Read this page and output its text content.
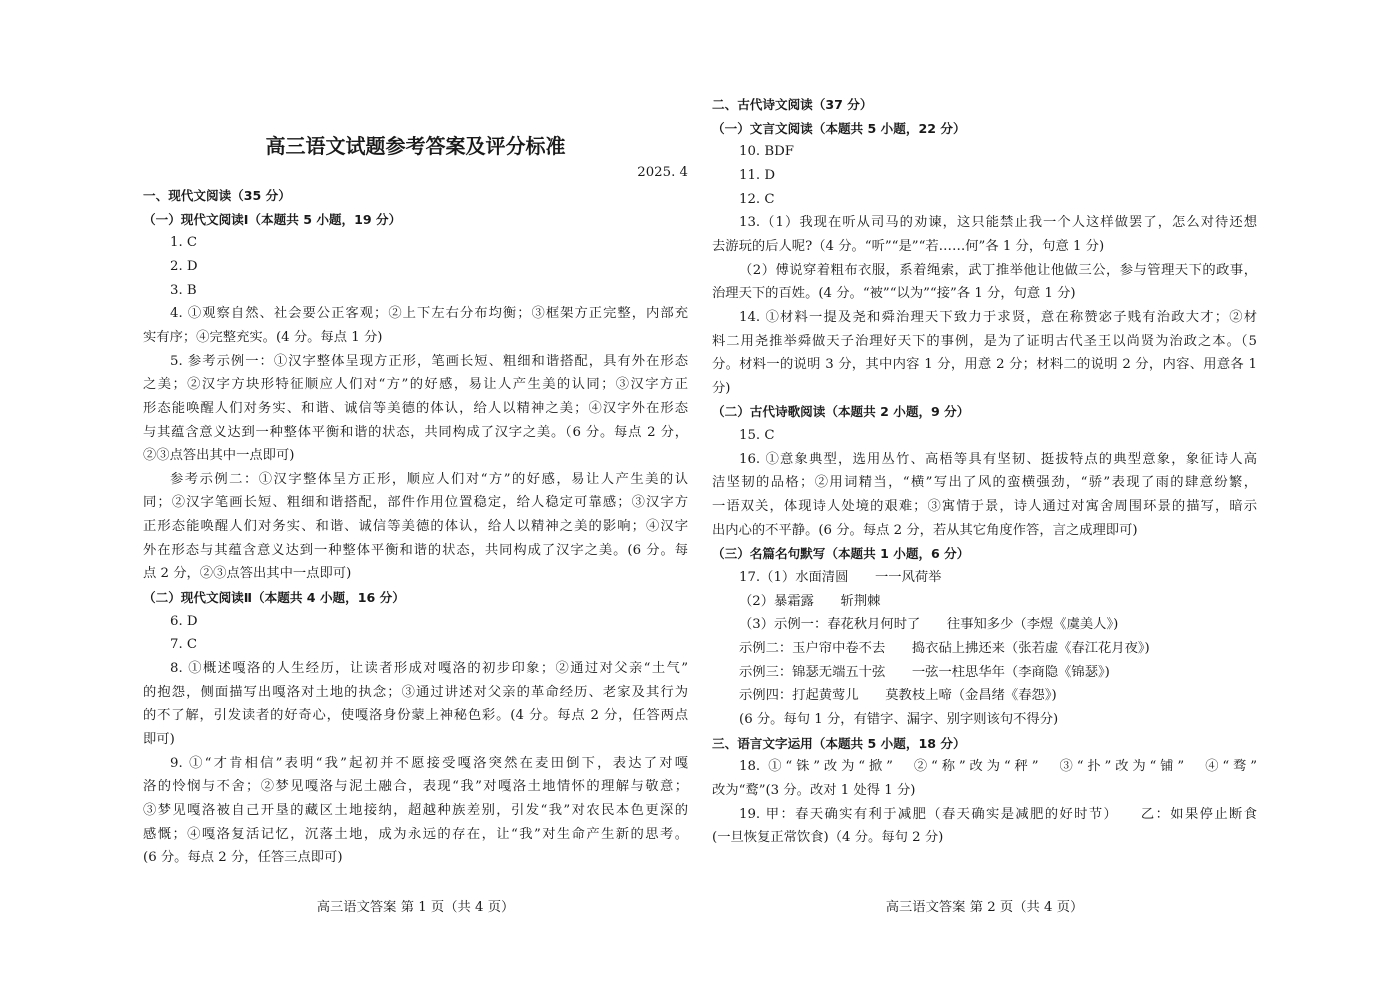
高三语文试题参考答案及评分标准
2025. 4
一、现代文阅读（35 分）
（一）现代文阅读Ⅰ（本题共 5 小题，19 分）
1. C
2. D
3. B
4. ①观察自然、社会要公正客观；②上下左右分布均衡；③框架方正完整，内部充
实有序；④完整充实。(4 分。每点 1 分)
5. 参考示例一：①汉字整体呈现方正形，笔画长短、粗细和谐搭配，具有外在形态
之美；②汉字方块形特征顺应人们对“方”的好感，易让人产生美的认同；③汉字方正
形态能唤醒人们对务实、和谐、诚信等美德的体认，给人以精神之美；④汉字外在形态
与其蕴含意义达到一种整体平衡和谐的状态，共同构成了汉字之美。（6 分。每点 2 分，
②③点答出其中一点即可)
参考示例二：①汉字整体呈方正形，顺应人们对“方”的好感，易让人产生美的认
同；②汉字笔画长短、粗细和谐搭配，部件作用位置稳定，给人稳定可靠感；③汉字方
正形态能唤醒人们对务实、和谐、诚信等美德的体认，给人以精神之美的影响；④汉字
外在形态与其蕴含意义达到一种整体平衡和谐的状态，共同构成了汉字之美。(6 分。每
点 2 分，②③点答出其中一点即可)
（二）现代文阅读Ⅱ（本题共 4 小题，16 分）
6. D
7. C
8. ①概述嘎洛的人生经历，让读者形成对嘎洛的初步印象；②通过对父亲“土气”
的抱怨，侧面描写出嘎洛对土地的执念；③通过讲述对父亲的革命经历、老家及其行为
的不了解，引发读者的好奇心，使嘎洛身份蒙上神秘色彩。(4 分。每点 2 分，任答两点
即可)
9. ①“才肯相信”表明“我”起初并不愿接受嘎洛突然在麦田倒下，表达了对嘎
洛的怜悯与不舍；②梦见嘎洛与泥土融合，表现“我”对嘎洛土地情怀的理解与敬意；
③梦见嘎洛被自己开垦的藏区土地接纳，超越种族差别，引发“我”对农民本色更深的
感慨；④嘎洛复活记忆，沉落土地，成为永远的存在，让“我”对生命产生新的思考。
(6 分。每点 2 分，任答三点即可)
高三语文答案 第 1 页（共 4 页）
二、古代诗文阅读（37 分）
（一）文言文阅读（本题共 5 小题，22 分）
10. BDF
11. D
12. C
13.（1）我现在听从司马的劝谏，这只能禁止我一个人这样做罢了，怎么对待还想
去游玩的后人呢?（4 分。“听”“是”“若……何”各 1 分，句意 1 分)
（2）傅说穿着粗布衣服，系着绳索，武丁推举他让他做三公，参与管理天下的政事，
治理天下的百姓。(4 分。“被”“以为”“接”各 1 分，句意 1 分)
14. ①材料一提及尧和舜治理天下致力于求贤，意在称赞宓子贱有治政大才；②材
料二用尧推举舜做天子治理好天下的事例，是为了证明古代圣王以尚贤为治政之本。（5
分。材料一的说明 3 分，其中内容 1 分，用意 2 分；材料二的说明 2 分，内容、用意各 1
分)
（二）古代诗歌阅读（本题共 2 小题，9 分）
15. C
16. ①意象典型，选用丛竹、高梧等具有坚韧、挺拔特点的典型意象，象征诗人高
洁坚韧的品格；②用词精当，“横”写出了风的蛮横强劲，“骄”表现了雨的肆意纷繁，
一语双关，体现诗人处境的艰难；③寓情于景，诗人通过对寓舍周围环景的描写，暗示
出内心的不平静。(6 分。每点 2 分，若从其它角度作答，言之成理即可)
（三）名篇名句默写（本题共 1 小题，6 分）
17.（1）水面清圆　　一一风荷举
（2）暴霜露　　斩荆棘
（3）示例一：春花秋月何时了　　往事知多少（李煜《虞美人》)
示例二：玉户帘中卷不去　　捣衣砧上拂还来（张若虚《春江花月夜》)
示例三：锦瑟无端五十弦　　一弦一柱思华年（李商隐《锦瑟》)
示例四：打起黄莺儿　　莫教枝上啼（金昌绪《春怨》)
(6 分。每句 1 分，有错字、漏字、别字则该句不得分)
三、语言文字运用（本题共 5 小题，18 分）
18. ①“铢”改为“掀”　②“称”改为“秤”　③“扑”改为“铺”　④“骛”
改为“鹜”(3 分。改对 1 处得 1 分)
19. 甲：春天确实有利于减肥（春天确实是减肥的好时节）　　乙：如果停止断食
(一旦恢复正常饮食)（4 分。每句 2 分)
高三语文答案 第 2 页（共 4 页）
